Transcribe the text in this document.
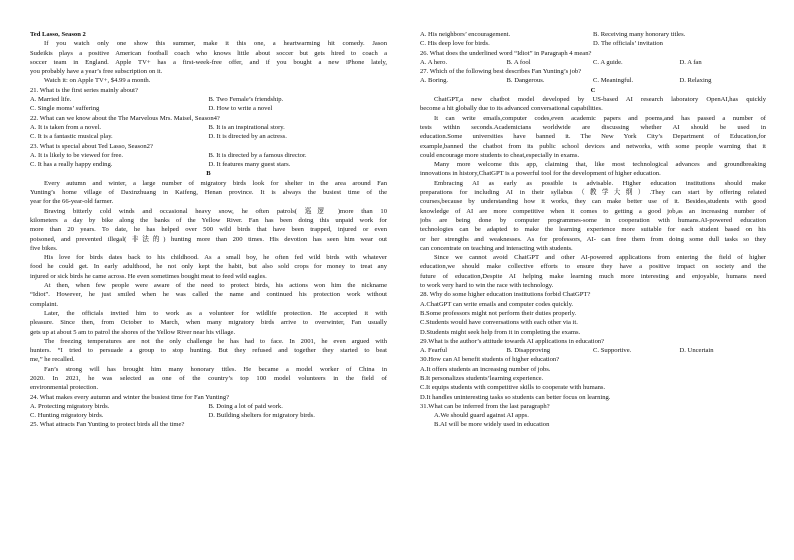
Ted Lasso, Season 2
If you watch only one show this summer, make it this one, a heartwarming hit comedy. Jason
Sudeikis plays a positive American football coach who knows little about soccer but gets hired to coach a
soccer team in England. Apple TV+ has a first-week-free offer, and if you bought a new iPhone lately,
you probably have a year’s free subscription on it.
Watch it: on Apple TV+, $4.99 a month.
21. What is the first series mainly about?
A. Married life.	B. Two Female’s friendship.
C. Single moms’ suffering	D. How to write a novel
22. What can we know about the The Marvelous Mrs. Maisel, Season4?
A. It is taken from a novel.	B. It is an inspirational story.
C. It is a fantastic musical play.	D. It is directed by an actress.
23. What is special about Ted Lasso, Season2?
A. It is likely to be viewed for free.	B. It is directed by a famous director.
C. It has a really happy ending.	D. It features many guest stars.
B
Every autumn and winter, a large number of migratory birds look for shelter in the area around Fan
Yunting’s home village of Daxinzhuang in Kaifeng, Henan province. It is always the busiest time of the
year for the 66-year-old farmer.
Braving bitterly cold winds and occasional heavy snow, he often patrols( 巡逻 )more than 10
kilometers a day by bike along the banks of the Yellow River. Fan has been doing this unpaid work for
more than 20 years. To date, he has helped over 500 wild birds that have been trapped, injured or even
poisoned, and prevented illegal( 非法的) hunting more than 200 times. His devotion has seen him wear out
five bikes.
His love for birds dates back to his childhood. As a small boy, he often fed wild birds with whatever
food he could get. In early adulthood, he not only kept the habit, but also sold crops for money to treat any
injured or sick birds he came across. He even sometimes bought meat to feed wild eagles.
At then, when few people were aware of the need to protect birds, his actions won him the nickname
“Idiot”. However, he just smiled when he was called the name and continued his protection work without
complaint.
Later, the officials invited him to work as a volunteer for wildlife protection. He accepted it with
pleasure. Since then, from October to March, when many migratory birds arrive to overwinter, Fan usually
gets up at about 5 am to patrol the shores of the Yellow River near his village.
The freezing temperatures are not the only challenge he has had to face. In 2001, he even argued with
hunters. “I tried to persuade a group to stop hunting. But they refused and together they started to beat
me,” he recalled.
Fan’s strong will has brought him many honorary titles. He became a model worker of China in
2020. In 2021, he was selected as one of the country’s top 100 model volunteers in the field of
environmental protection.
24. What makes every autumn and winter the busiest time for Fan Yunting?
A. Protecting migratory birds.	B. Doing a lot of paid work.
C. Hunting migratory birds.	D. Building shelters for migratory birds.
25. What attracts Fan Yunting to protect birds all the time?
A. His neighbors’ encouragement.	B. Receiving many honorary titles.
C. His deep love for birds.	D. The officials’ invitation
26. What does the underlined word “Idiot” in Paragraph 4 mean?
A. A hero.	B. A fool	C. A guide.	D. A fan
27. Which of the following best describes Fan Yunting’s job?
A. Boring.	B. Dangerous.	C. Meaningful.	D. Relaxing
C
ChatGPT,a new chatbot model developed by US-based AI research laboratory OpenAI,has quickly
become a hit globally due to its advanced conversational capabilities.
It can write emails,computer codes,even academic papers and poems,and has passed a number of
tests within seconds.Academicians worldwide are discussing whether AI should be used in
education.Some universities have banned it. The New York City’s Department of Education,for
example,banned the chatbot from its public school devices and networks, with some people warning that it
could encourage more students to cheat,especially in exams.
Many more welcome this app, claiming that, like most technological advances and groundbreaking
innovations in history,ChatGPT is a powerful tool for the development of higher education.
Embracing AI as early as possible is advisable. Higher education institutions should make
preparations for including AI in their syllabus（教学大纲）.They can start by offering related
courses,because by understanding how it works, they can make better use of it. Besides,students with good
knowledge of AI are more competitive when it comes to getting a good job,as an increasing number of
jobs are being done by computer programmes-some in cooperation with humans.AI-powered education
technologies can be adapted to make the learning experience more suitable for each student based on his
or her strengths and weaknesses. As for professors, AI- can free them from doing some dull tasks so they
can concentrate on teaching and interacting with students.
Since we cannot avoid ChatGPT and other AI-powered applications from entering the field of higher
education,we should make collective efforts to ensure they have a positive impact on society and the
future of education,Despite AI helping make learning much more interesting and enjoyable, humans need
to work very hard to win the race with technology.
28. Why do some higher education institutions forbid ChatGPT?
A.ChatGPT can write emails and computer codes quickly.
B.Some professors might not perform their duties properly.
C.Students would have conversations with each other via it.
D.Students might seek help from it in completing the exams.
29.What is the author’s attitude towards AI applications in education?
A. Fearful	B. Disapproving	C. Supportive.	D. Uncertain
30.How can AI benefit students of higher education?
A.It offers students an increasing number of jobs.
B.It personalizes students’learning experience.
C.It equips students with competitive skills to cooperate with humans.
D.It handles uninteresting tasks so students can better focus on learning.
31.What can be inferred from the last paragraph?
A.We should guard against AI apps.
B.AI will be more widely used in education
